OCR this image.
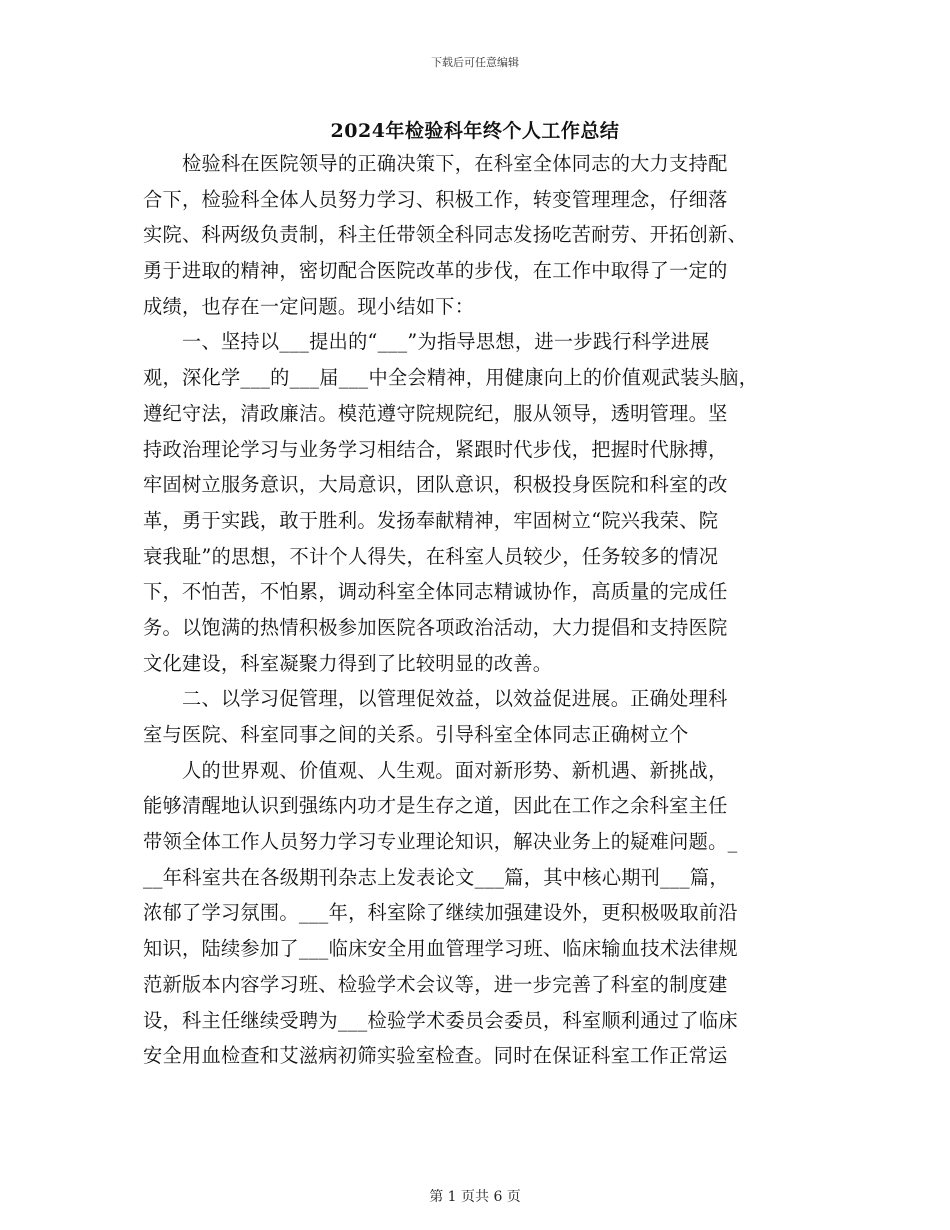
下载后可任意编辑
2024年检验科年终个人工作总结
　　检验科在医院领导的正确决策下，在科室全体同志的大力支持配
合下，检验科全体人员努力学习、积极工作，转变管理理念，仔细落
实院、科两级负责制，科主任带领全科同志发扬吃苦耐劳、开拓创新、
勇于进取的精神，密切配合医院改革的步伐，在工作中取得了一定的
成绩，也存在一定问题。现小结如下：
　　一、坚持以___提出的“___”为指导思想，进一步践行科学进展
观，深化学___的___届___中全会精神，用健康向上的价值观武装头脑，
遵纪守法，清政廉洁。模范遵守院规院纪，服从领导，透明管理。坚
持政治理论学习与业务学习相结合，紧跟时代步伐，把握时代脉搏，
牢固树立服务意识，大局意识，团队意识，积极投身医院和科室的改
革，勇于实践，敢于胜利。发扬奉献精神，牢固树立“院兴我荣、院
衰我耻”的思想，不计个人得失，在科室人员较少，任务较多的情况
下，不怕苦，不怕累，调动科室全体同志精诚协作，高质量的完成任
务。以饱满的热情积极参加医院各项政治活动，大力提倡和支持医院
文化建设，科室凝聚力得到了比较明显的改善。
　　二、以学习促管理，以管理促效益，以效益促进展。正确处理科
室与医院、科室同事之间的关系。引导科室全体同志正确树立个
　　人的世界观、价值观、人生观。面对新形势、新机遇、新挑战，
能够清醒地认识到强练内功才是生存之道，因此在工作之余科室主任
带领全体工作人员努力学习专业理论知识，解决业务上的疑难问题。_
__年科室共在各级期刊杂志上发表论文___篇，其中核心期刊___篇，
浓郁了学习氛围。___年，科室除了继续加强建设外，更积极吸取前沿
知识，陆续参加了___临床安全用血管理学习班、临床输血技术法律规
范新版本内容学习班、检验学术会议等，进一步完善了科室的制度建
设，科主任继续受聘为___检验学术委员会委员，科室顺利通过了临床
安全用血检查和艾滋病初筛实验室检查。同时在保证科室工作正常运
第 1 页共 6 页
